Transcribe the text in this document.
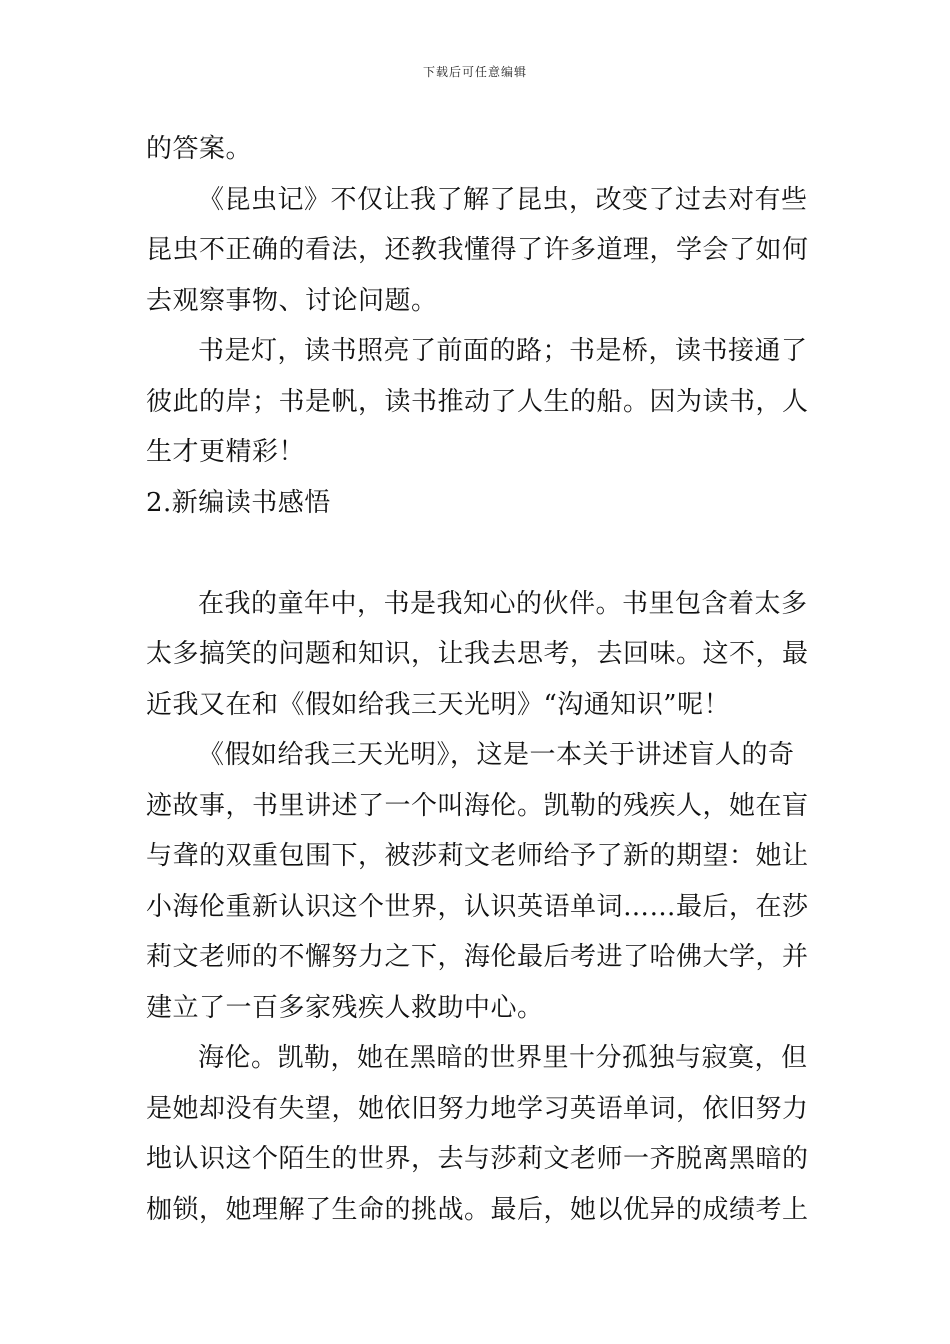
下载后可任意编辑
的答案。
《昆虫记》不仅让我了解了昆虫，改变了过去对有些
昆虫不正确的看法，还教我懂得了许多道理，学会了如何
去观察事物、讨论问题。
书是灯，读书照亮了前面的路；书是桥，读书接通了
彼此的岸；书是帆，读书推动了人生的船。因为读书，人
生才更精彩！
2.新编读书感悟
在我的童年中，书是我知心的伙伴。书里包含着太多
太多搞笑的问题和知识，让我去思考，去回味。这不，最
近我又在和《假如给我三天光明》“沟通知识”呢！
《假如给我三天光明》，这是一本关于讲述盲人的奇
迹故事，书里讲述了一个叫海伦。凯勒的残疾人，她在盲
与聋的双重包围下，被莎莉文老师给予了新的期望：她让
小海伦重新认识这个世界，认识英语单词……最后，在莎
莉文老师的不懈努力之下，海伦最后考进了哈佛大学，并
建立了一百多家残疾人救助中心。
海伦。凯勒，她在黑暗的世界里十分孤独与寂寞，但
是她却没有失望，她依旧努力地学习英语单词，依旧努力
地认识这个陌生的世界，去与莎莉文老师一齐脱离黑暗的
枷锁，她理解了生命的挑战。最后，她以优异的成绩考上
